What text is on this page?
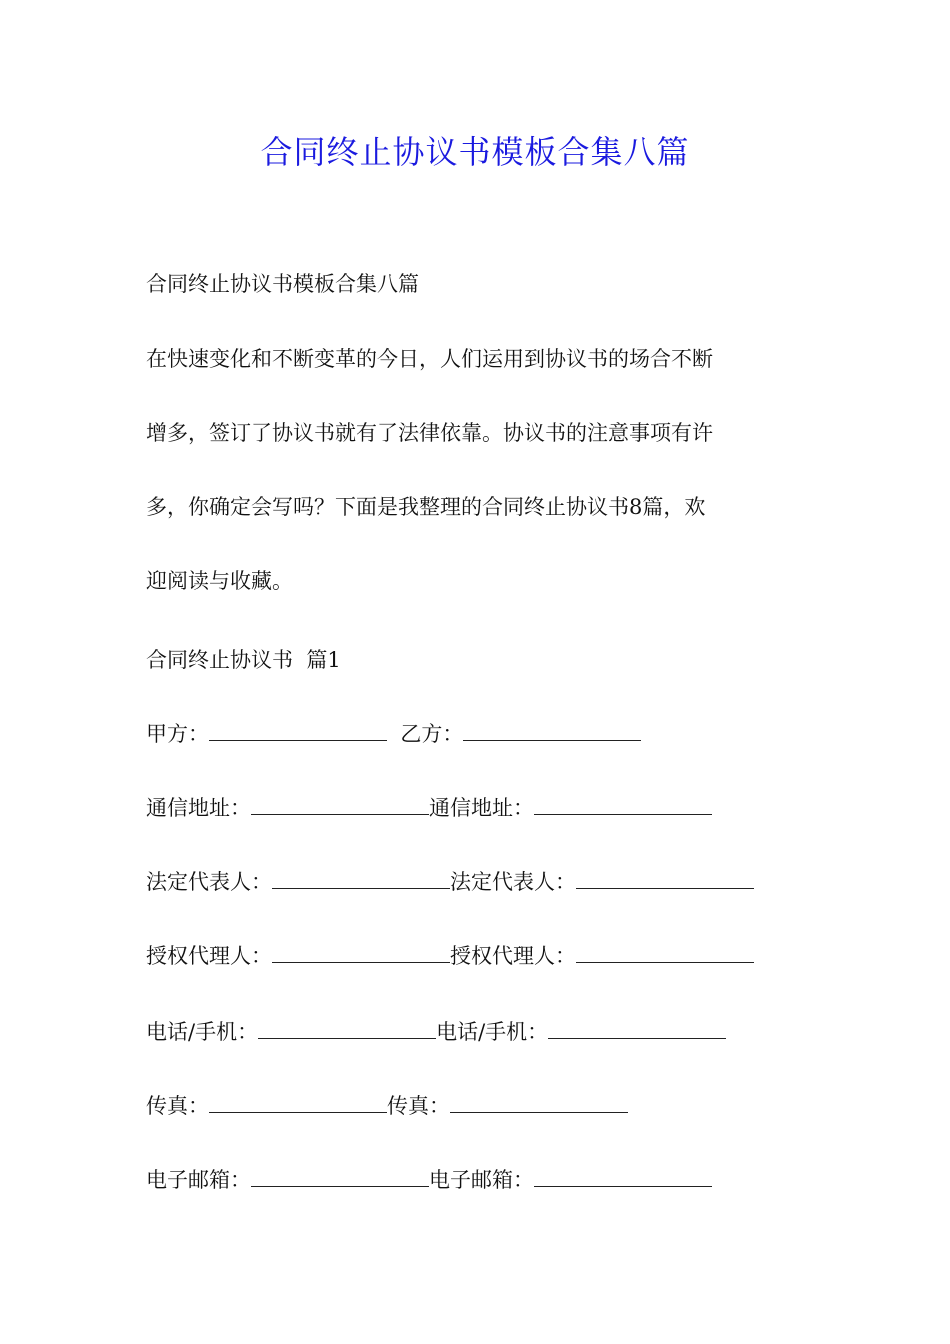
合同终止协议书模板合集八篇
合同终止协议书模板合集八篇
在快速变化和不断变革的今日，人们运用到协议书的场合不断
增多，签订了协议书就有了法律依靠。协议书的注意事项有许
多，你确定会写吗？下面是我整理的合同终止协议书8篇，欢
迎阅读与收藏。
合同终止协议书  篇1
甲方：	乙方：
通信地址：	通信地址：
法定代表人：	法定代表人：
授权代理人：	授权代理人：
电话/手机：	电话/手机：
传真：	传真：
电子邮箱：	电子邮箱：
